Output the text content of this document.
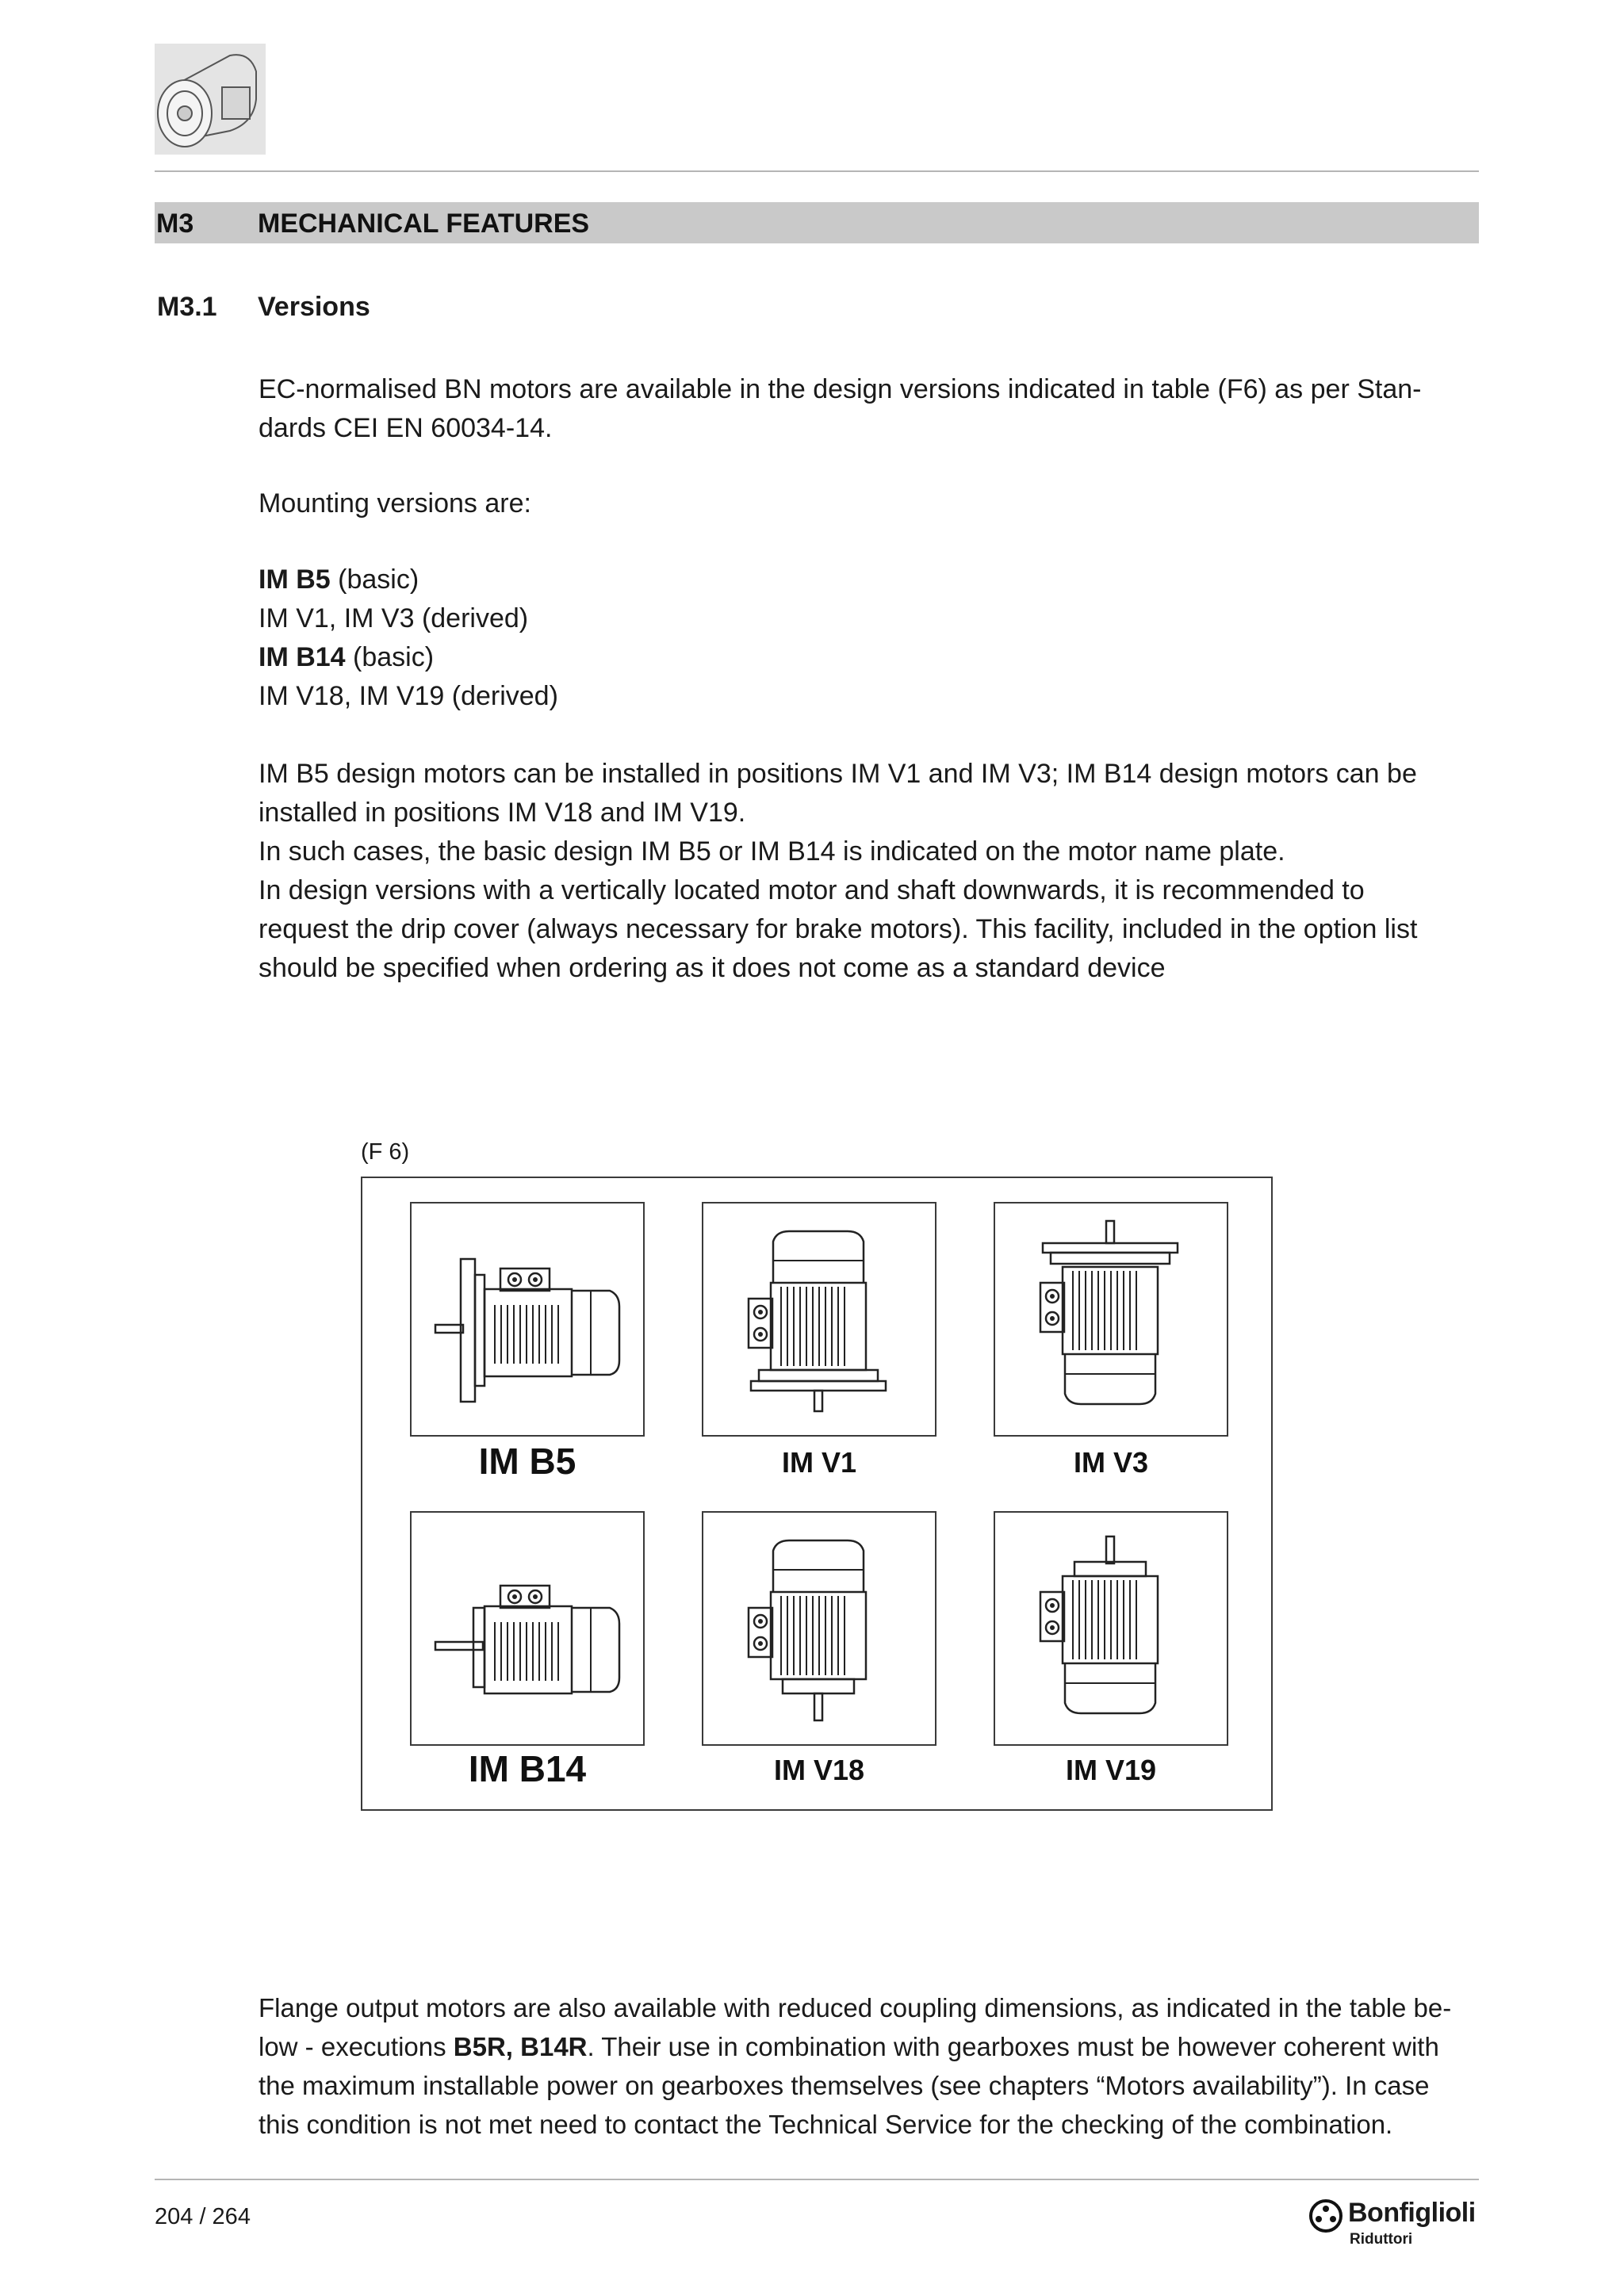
M3 MECHANICAL FEATURES
M3.1 Versions
EC-normalised BN motors are available in the design versions indicated in table (F6) as per Stan-
dards CEI EN 60034-14.
Mounting versions are:
IM B5 (basic)
IM V1, IM V3 (derived)
IM B14 (basic)
IM V18, IM V19 (derived)
IM B5 design motors can be installed in positions IM V1 and IM V3; IM B14 design motors can be
installed in positions IM V18 and IM V19.
In such cases, the basic design IM B5 or IM B14 is indicated on the motor name plate.
In design versions with a vertically located motor and shaft downwards, it is recommended to
request the drip cover (always necessary for brake motors). This facility, included in the option list
should be specified when ordering as it does not come as a standard device
(F 6)
IM B5	IM V1	IM V3
IM B14	IM V18	IM V19
Flange output motors are also available with reduced coupling dimensions, as indicated in the table be-
low - executions B5R, B14R. Their use in combination with gearboxes must be however coherent with
the maximum installable power on gearboxes themselves (see chapters “Motors availability”). In case
this condition is not met need to contact the Technical Service for the checking of the combination.
204 / 264	Bonfiglioli
Riduttori
